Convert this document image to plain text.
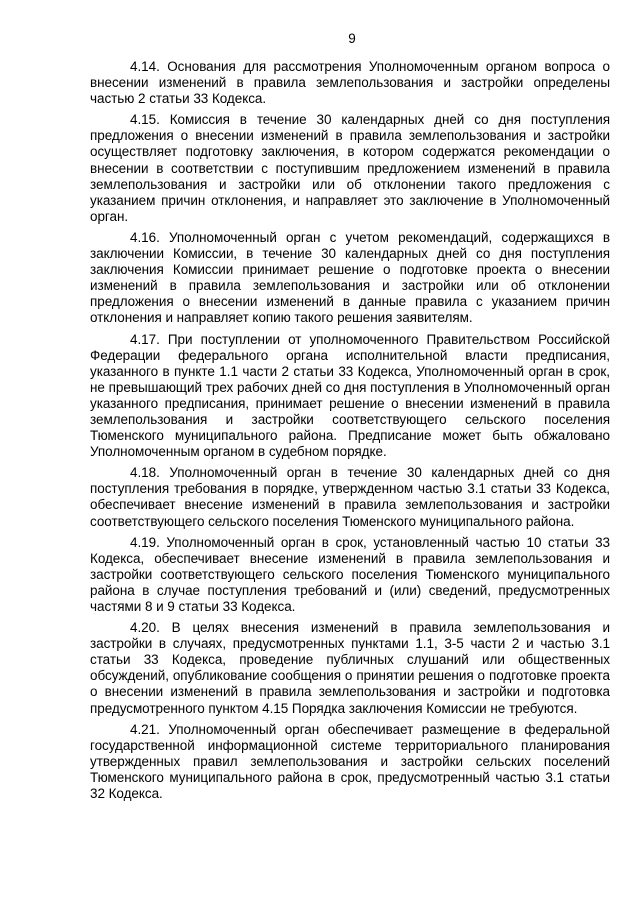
9

4.14. Основания для рассмотрения Уполномоченным органом вопроса о внесении изменений в правила землепользования и застройки определены частью 2 статьи 33 Кодекса.

4.15. Комиссия в течение 30 календарных дней со дня поступления предложения о внесении изменений в правила землепользования и застройки осуществляет подготовку заключения, в котором содержатся рекомендации о внесении в соответствии с поступившим предложением изменений в правила землепользования и застройки или об отклонении такого предложения с указанием причин отклонения, и направляет это заключение в Уполномоченный орган.

4.16. Уполномоченный орган с учетом рекомендаций, содержащихся в заключении Комиссии, в течение 30 календарных дней со дня поступления заключения Комиссии принимает решение о подготовке проекта о внесении изменений в правила землепользования и застройки или об отклонении предложения о внесении изменений в данные правила с указанием причин отклонения и направляет копию такого решения заявителям.

4.17. При поступлении от уполномоченного Правительством Российской Федерации федерального органа исполнительной власти предписания, указанного в пункте 1.1 части 2 статьи 33 Кодекса, Уполномоченный орган в срок, не превышающий трех рабочих дней со дня поступления в Уполномоченный орган указанного предписания, принимает решение о внесении изменений в правила землепользования и застройки соответствующего сельского поселения Тюменского муниципального района. Предписание может быть обжаловано Уполномоченным органом в судебном порядке.

4.18. Уполномоченный орган в течение 30 календарных дней со дня поступления требования в порядке, утвержденном частью 3.1 статьи 33 Кодекса, обеспечивает внесение изменений в правила землепользования и застройки соответствующего сельского поселения Тюменского муниципального района.

4.19. Уполномоченный орган в срок, установленный частью 10 статьи 33 Кодекса, обеспечивает внесение изменений в правила землепользования и застройки соответствующего сельского поселения Тюменского муниципального района в случае поступления требований и (или) сведений, предусмотренных частями 8 и 9 статьи 33 Кодекса.

4.20. В целях внесения изменений в правила землепользования и застройки в случаях, предусмотренных пунктами 1.1, 3-5 части 2 и частью 3.1 статьи 33 Кодекса, проведение публичных слушаний или общественных обсуждений, опубликование сообщения о принятии решения о подготовке проекта о внесении изменений в правила землепользования и застройки и подготовка предусмотренного пунктом 4.15 Порядка заключения Комиссии не требуются.

4.21. Уполномоченный орган обеспечивает размещение в федеральной государственной информационной системе территориального планирования утвержденных правил землепользования и застройки сельских поселений Тюменского муниципального района в срок, предусмотренный частью 3.1 статьи 32 Кодекса.
